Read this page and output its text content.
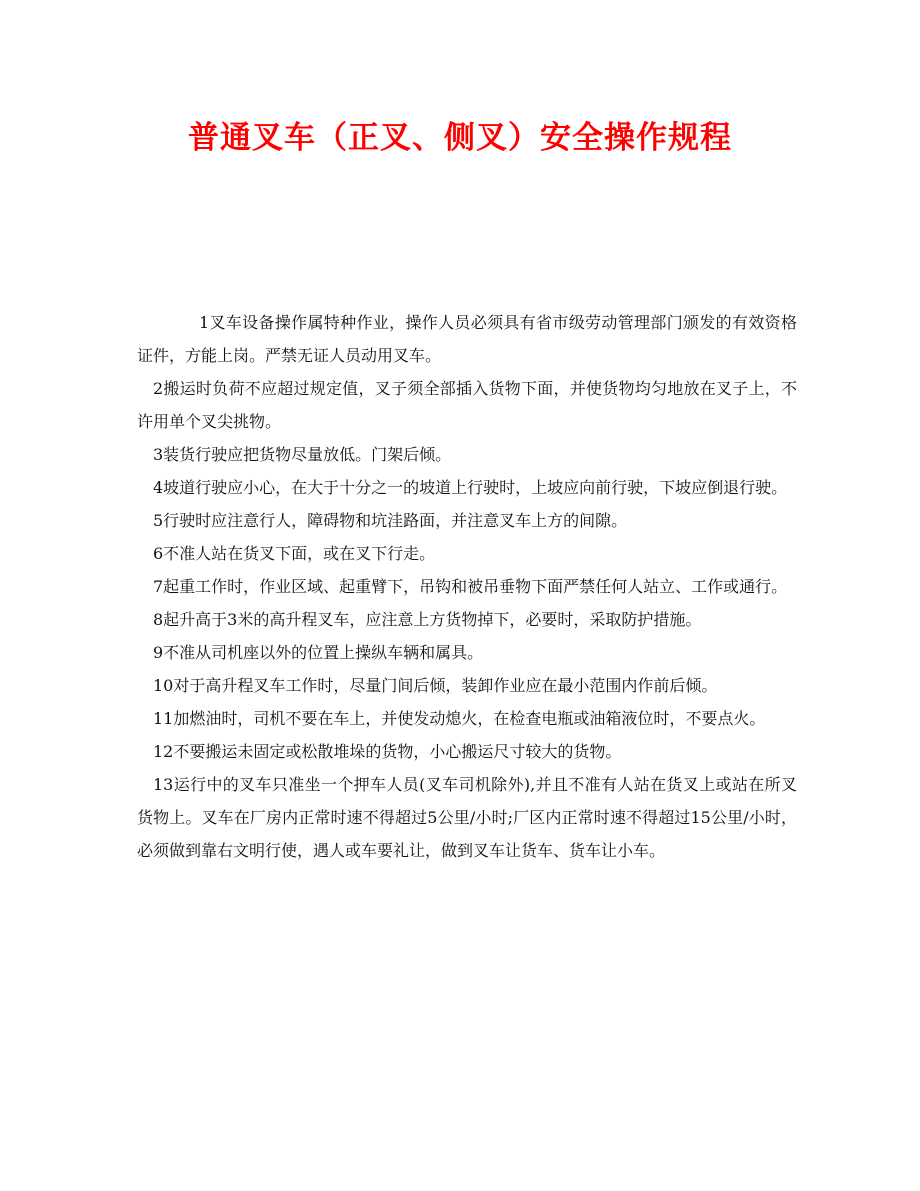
普通叉车（正叉、侧叉）安全操作规程

1叉车设备操作属特种作业，操作人员必须具有省市级劳动管理部门颁发的有效资格证件，方能上岗。严禁无证人员动用叉车。

2搬运时负荷不应超过规定值，叉子须全部插入货物下面，并使货物均匀地放在叉子上，不许用单个叉尖挑物。

3装货行驶应把货物尽量放低。门架后倾。

4坡道行驶应小心，在大于十分之一的坡道上行驶时，上坡应向前行驶，下坡应倒退行驶。

5行驶时应注意行人，障碍物和坑洼路面，并注意叉车上方的间隙。

6不准人站在货叉下面，或在叉下行走。

7起重工作时，作业区域、起重臂下，吊钩和被吊垂物下面严禁任何人站立、工作或通行。

8起升高于3米的高升程叉车，应注意上方货物掉下，必要时，采取防护措施。

9不准从司机座以外的位置上操纵车辆和属具。

10对于高升程叉车工作时，尽量门间后倾，装卸作业应在最小范围内作前后倾。

11加燃油时，司机不要在车上，并使发动熄火，在检查电瓶或油箱液位时，不要点火。

12不要搬运未固定或松散堆垛的货物，小心搬运尺寸较大的货物。

13运行中的叉车只准坐一个押车人员(叉车司机除外),并且不准有人站在货叉上或站在所叉货物上。叉车在厂房内正常时速不得超过5公里/小时;厂区内正常时速不得超过15公里/小时，必须做到靠右文明行使，遇人或车要礼让，做到叉车让货车、货车让小车。
